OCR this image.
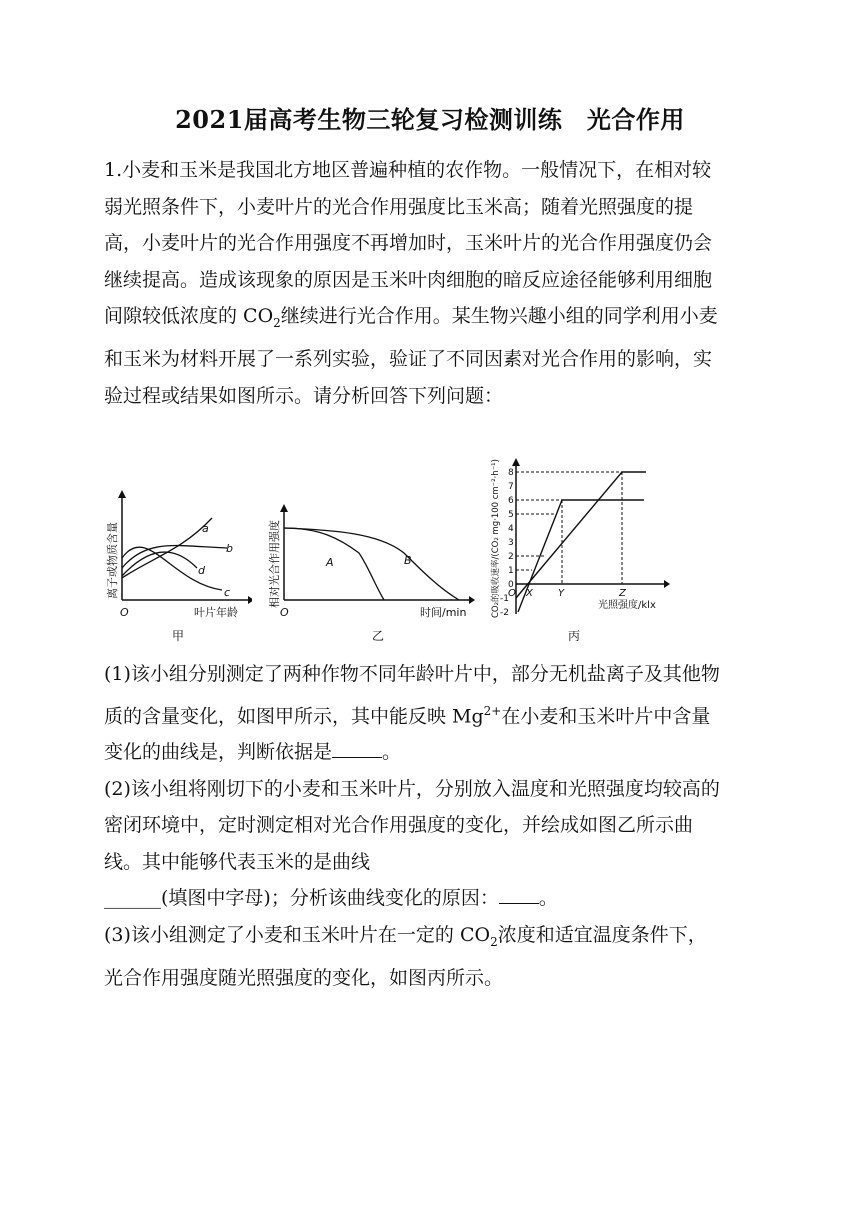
2021届高考生物三轮复习检测训练　光合作用
1.小麦和玉米是我国北方地区普遍种植的农作物。一般情况下，在相对较
弱光照条件下，小麦叶片的光合作用强度比玉米高；随着光照强度的提
高，小麦叶片的光合作用强度不再增加时，玉米叶片的光合作用强度仍会
继续提高。造成该现象的原因是玉米叶肉细胞的暗反应途径能够利用细胞
间隙较低浓度的 $CO_2$继续进行光合作用。某生物兴趣小组的同学利用小麦
和玉米为材料开展了一系列实验，验证了不同因素对光合作用的影响，实
验过程或结果如图所示。请分析回答下列问题：
a
b
c
d
O	叶片年龄
离子或物质含量
甲
A	B
O	时间/min
相对光合作用强度
乙
8
7
6
5
4
3
2
1
0
-1
-2
X	Y	Z
O
光照强度/klx
CO₂的吸收速率/(CO₂ mg·100 cm⁻²·h⁻¹)
丙
(1)该小组分别测定了两种作物不同年龄叶片中，部分无机盐离子及其他物
质的含量变化，如图甲所示，其中能反映 $Mg^{2+}$在小麦和玉米叶片中含量
变化的曲线是，判断依据是	。
(2)该小组将刚切下的小麦和玉米叶片，分别放入温度和光照强度均较高的
密闭环境中，定时测定相对光合作用强度的变化，并绘成如图乙所示曲
线。其中能够代表玉米的是曲线
______(填图中字母)；分析该曲线变化的原因： 。
(3)该小组测定了小麦和玉米叶片在一定的 $CO_2$浓度和适宜温度条件下，
光合作用强度随光照强度的变化，如图丙所示。
